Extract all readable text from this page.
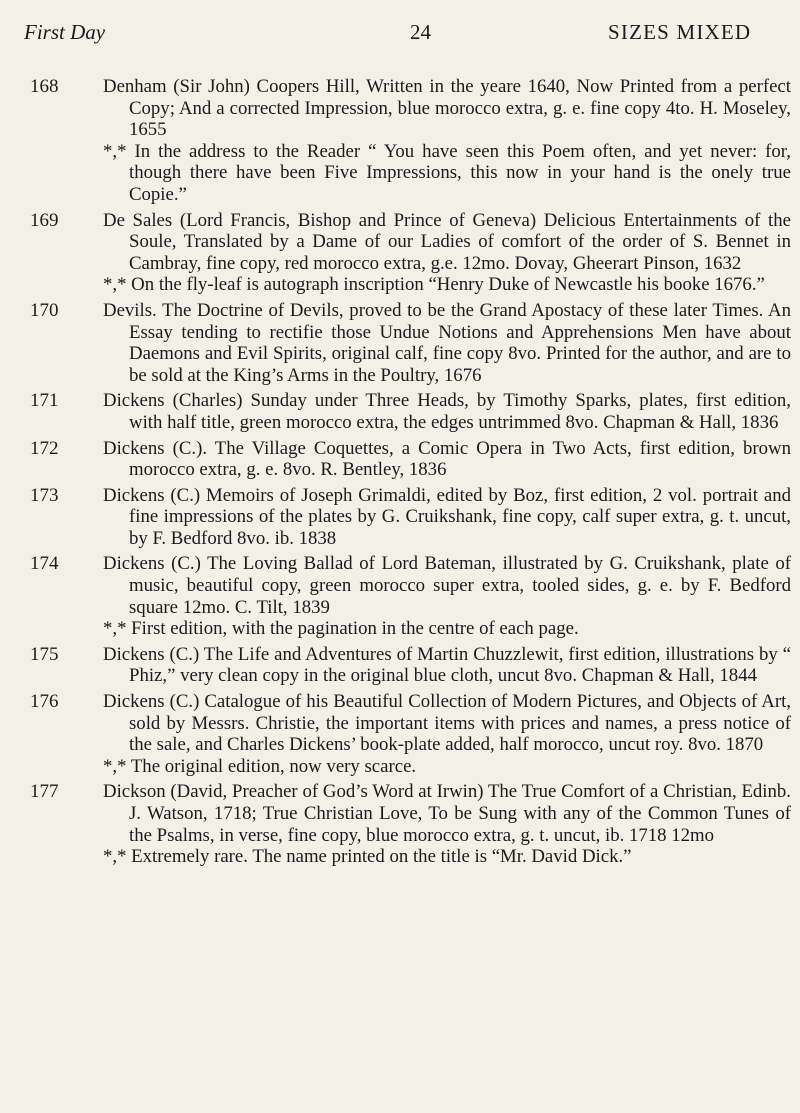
First Day	24	SIZES MIXED
168	Denham (Sir John) Coopers Hill, Written in the yeare 1640, Now Printed from a perfect Copy; And a corrected Impression, blue morocco extra, g. e. fine copy 4to. H. Moseley, 1655
*,* In the address to the Reader “ You have seen this Poem often, and yet never: for, though there have been Five Impressions, this now in your hand is the onely true Copie.”
169	De Sales (Lord Francis, Bishop and Prince of Geneva) Delicious Entertainments of the Soule, Translated by a Dame of our Ladies of comfort of the order of S. Bennet in Cambray, fine copy, red morocco extra, g.e. 12mo. Dovay, Gheerart Pinson, 1632
*,* On the fly-leaf is autograph inscription “Henry Duke of Newcastle his booke 1676.”
170	Devils. The Doctrine of Devils, proved to be the Grand Apostacy of these later Times. An Essay tending to rectifie those Undue Notions and Apprehensions Men have about Daemons and Evil Spirits, original calf, fine copy 8vo. Printed for the author, and are to be sold at the King’s Arms in the Poultry, 1676
171	Dickens (Charles) Sunday under Three Heads, by Timothy Sparks, plates, first edition, with half title, green morocco extra, the edges untrimmed 8vo. Chapman & Hall, 1836
172	Dickens (C.). The Village Coquettes, a Comic Opera in Two Acts, first edition, brown morocco extra, g. e. 8vo. R. Bentley, 1836
173	Dickens (C.) Memoirs of Joseph Grimaldi, edited by Boz, first edition, 2 vol. portrait and fine impressions of the plates by G. Cruikshank, fine copy, calf super extra, g. t. uncut, by F. Bedford 8vo. ib. 1838
174	Dickens (C.) The Loving Ballad of Lord Bateman, illustrated by G. Cruikshank, plate of music, beautiful copy, green morocco super extra, tooled sides, g. e. by F. Bedford square 12mo. C. Tilt, 1839
*,* First edition, with the pagination in the centre of each page.
175	Dickens (C.) The Life and Adventures of Martin Chuzzlewit, first edition, illustrations by “ Phiz,” very clean copy in the original blue cloth, uncut 8vo. Chapman & Hall, 1844
176	Dickens (C.) Catalogue of his Beautiful Collection of Modern Pictures, and Objects of Art, sold by Messrs. Christie, the important items with prices and names, a press notice of the sale, and Charles Dickens’ book-plate added, half morocco, uncut roy. 8vo. 1870
*,* The original edition, now very scarce.
177	Dickson (David, Preacher of God’s Word at Irwin) The True Comfort of a Christian, Edinb. J. Watson, 1718; True Christian Love, To be Sung with any of the Common Tunes of the Psalms, in verse, fine copy, blue morocco extra, g. t. uncut, ib. 1718 12mo
*,* Extremely rare. The name printed on the title is “Mr. David Dick.”
